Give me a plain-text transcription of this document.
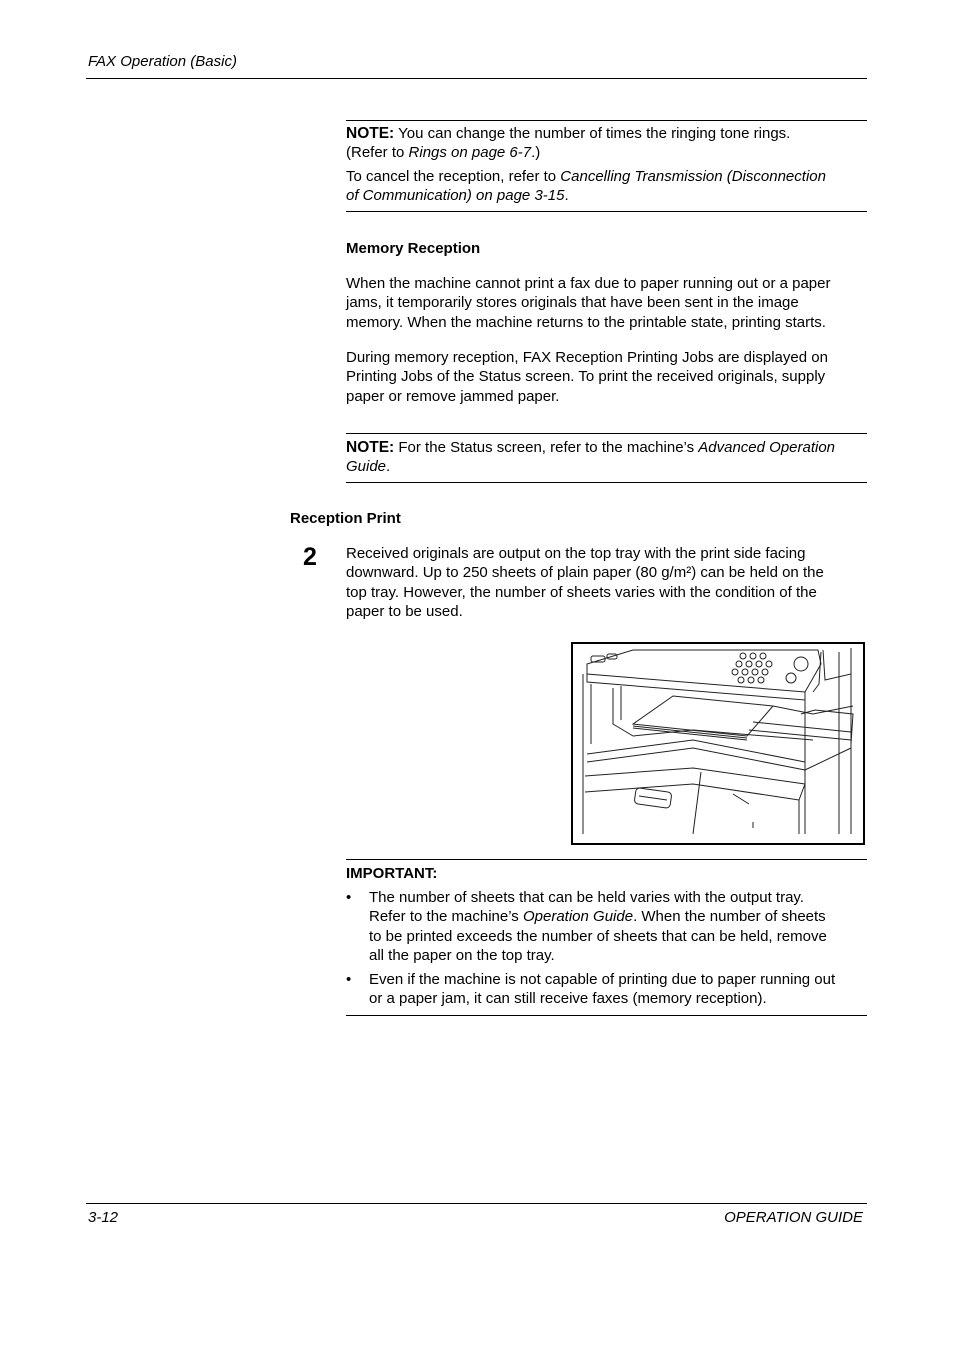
FAX Operation (Basic)
NOTE: You can change the number of times the ringing tone rings.
(Refer to Rings on page 6-7.)
To cancel the reception, refer to Cancelling Transmission (Disconnection
of Communication) on page 3-15.
Memory Reception
When the machine cannot print a fax due to paper running out or a paper
jams, it temporarily stores originals that have been sent in the image
memory. When the machine returns to the printable state, printing starts.
During memory reception, FAX Reception Printing Jobs are displayed on
Printing Jobs of the Status screen. To print the received originals, supply
paper or remove jammed paper.
NOTE: For the Status screen, refer to the machine’s Advanced Operation
Guide.
Reception Print
2 Received originals are output on the top tray with the print side facing
downward. Up to 250 sheets of plain paper (80 g/m²) can be held on the
top tray. However, the number of sheets varies with the condition of the
paper to be used.
IMPORTANT:
• The number of sheets that can be held varies with the output tray.
Refer to the machine’s Operation Guide. When the number of sheets
to be printed exceeds the number of sheets that can be held, remove
all the paper on the top tray.
• Even if the machine is not capable of printing due to paper running out
or a paper jam, it can still receive faxes (memory reception).
3-12	OPERATION GUIDE
